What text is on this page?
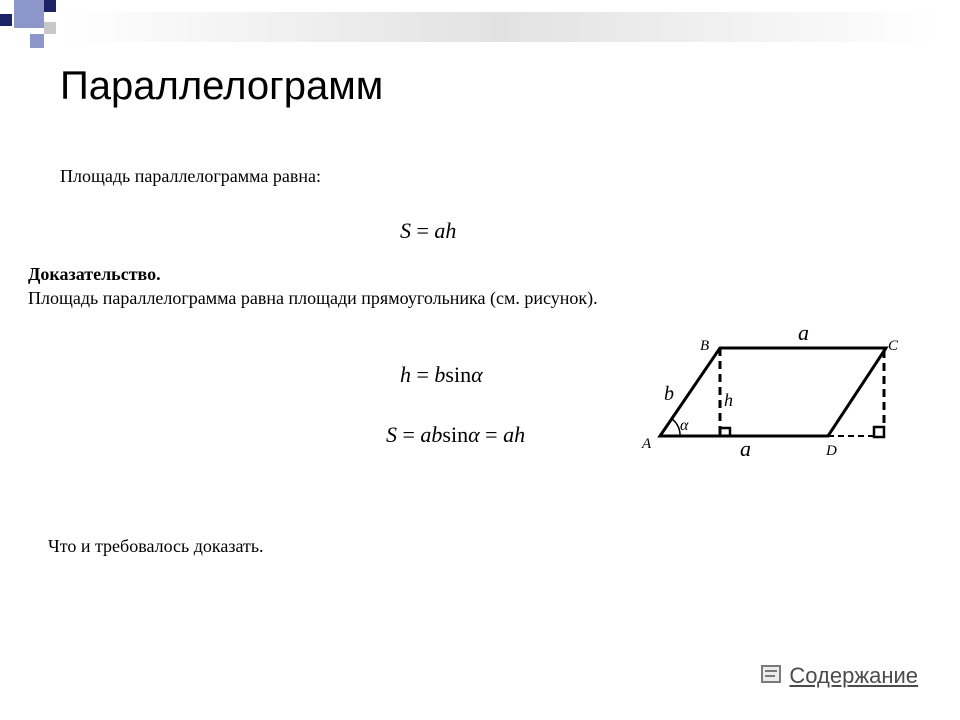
Параллелограмм
Площадь параллелограмма равна:
S = ah
Доказательство.
Площадь параллелограмма равна площади прямоугольника (см. рисунок).
h = bsinα
S = absinα = ah	A
B	C
D
a
a
b	h
α
Что и требовалось доказать.
Содержание
